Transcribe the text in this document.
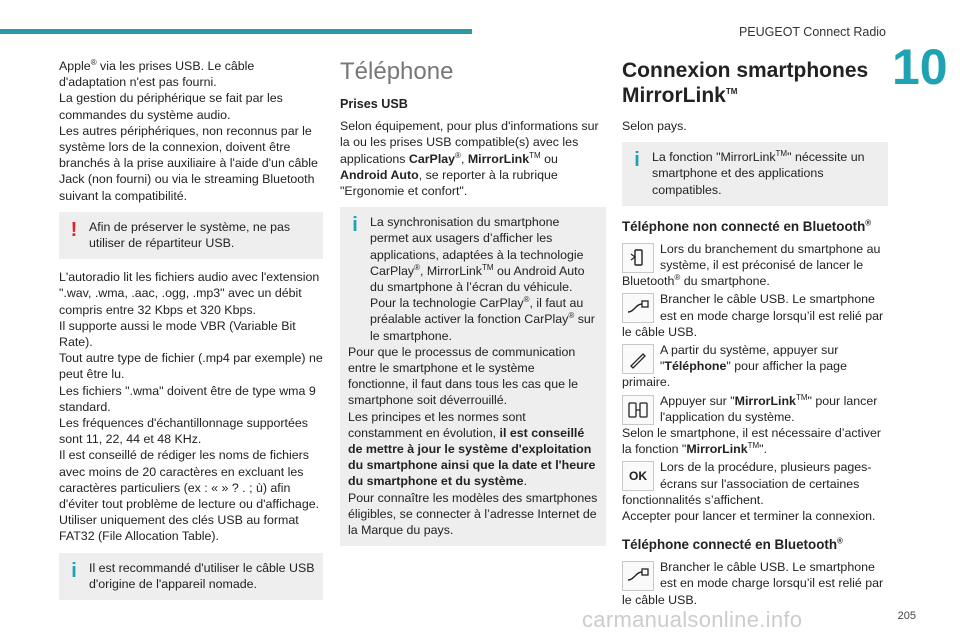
PEUGEOT Connect Radio
10

Apple® via les prises USB. Le câble d'adaptation n'est pas fourni.
La gestion du périphérique se fait par les commandes du système audio.
Les autres périphériques, non reconnus par le système lors de la connexion, doivent être branchés à la prise auxiliaire à l'aide d'un câble Jack (non fourni) ou via le streaming Bluetooth suivant la compatibilité.

! Afin de préserver le système, ne pas utiliser de répartiteur USB.

L'autoradio lit les fichiers audio avec l'extension ".wav, .wma, .aac, .ogg, .mp3" avec un débit compris entre 32 Kbps et 320 Kbps.
Il supporte aussi le mode VBR (Variable Bit Rate).
Tout autre type de fichier (.mp4 par exemple) ne peut être lu.
Les fichiers ".wma" doivent être de type wma 9 standard.
Les fréquences d'échantillonnage supportées sont 11, 22, 44 et 48 KHz.
Il est conseillé de rédiger les noms de fichiers avec moins de 20 caractères en excluant les caractères particuliers (ex : « » ? . ; ù) afin d'éviter tout problème de lecture ou d'affichage.
Utiliser uniquement des clés USB au format FAT32 (File Allocation Table).

i Il est recommandé d'utiliser le câble USB d'origine de l'appareil nomade.

Téléphone
Prises USB

Selon équipement, pour plus d'informations sur la ou les prises USB compatible(s) avec les applications CarPlay®, MirrorLink™ ou Android Auto, se reporter à la rubrique "Ergonomie et confort".

i La synchronisation du smartphone permet aux usagers d’afficher les applications, adaptées à la technologie CarPlay®, MirrorLink™ ou Android Auto du smartphone à l’écran du véhicule. Pour la technologie CarPlay®, il faut au préalable activer la fonction CarPlay® sur le smartphone.

Pour que le processus de communication entre le smartphone et le système fonctionne, il faut dans tous les cas que le smartphone soit déverrouillé.

Les principes et les normes sont constamment en évolution, il est conseillé de mettre à jour le système d'exploitation du smartphone ainsi que la date et l'heure du smartphone et du système.

Pour connaître les modèles des smartphones éligibles, se connecter à l’adresse Internet de la Marque du pays.

Connexion smartphones MirrorLink™

Selon pays.

i La fonction "MirrorLink™" nécessite un smartphone et des applications compatibles.

Téléphone non connecté en Bluetooth®

Lors du branchement du smartphone au système, il est préconisé de lancer le Bluetooth® du smartphone.

Brancher le câble USB. Le smartphone est en mode charge lorsqu’il est relié par le câble USB.

A partir du système, appuyer sur "Téléphone" pour afficher la page primaire.

Appuyer sur "MirrorLink™" pour lancer l'application du système.
Selon le smartphone, il est nécessaire d’activer la fonction "MirrorLink™".

OK

Lors de la procédure, plusieurs pages-écrans sur l'association de certaines fonctionnalités s’affichent.
Accepter pour lancer et terminer la connexion.

Téléphone connecté en Bluetooth®

Brancher le câble USB. Le smartphone est en mode charge lorsqu’il est relié par le câble USB.

carmanualsonline.info	205
